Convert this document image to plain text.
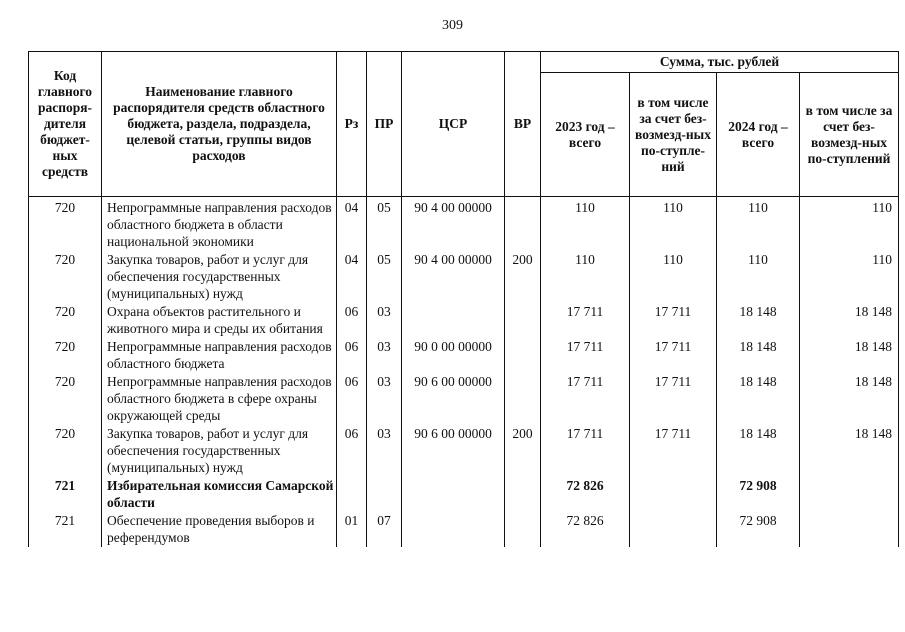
309
Код главного распоря-дителя бюджет-ных средств	Наименование главного распорядителя средств областного бюджета, раздела, подраздела, целевой статьи, группы видов расходов	Рз	ПР	ЦСР	ВР	Сумма, тыс. рублей			
						2023 год – всего	в том числе за счет без-возмезд-ных по-ступле-ний	2024 год – всего	в том числе за счет без-возмезд-ных по-ступлений
720	Непрограммные направления расходов областного бюджета в области национальной экономики	04	05	90 4 00 00000		110	110	110	110
720	Закупка товаров, работ и услуг для обеспечения государственных (муниципальных) нужд	04	05	90 4 00 00000	200	110	110	110	110
720	Охрана объектов растительного и животного мира и среды их обитания	06	03			17 711	17 711	18 148	18 148
720	Непрограммные направления расходов областного бюджета	06	03	90 0 00 00000		17 711	17 711	18 148	18 148
720	Непрограммные направления расходов областного бюджета в сфере охраны окружающей среды	06	03	90 6 00 00000		17 711	17 711	18 148	18 148
720	Закупка товаров, работ и услуг для обеспечения государственных (муниципальных) нужд	06	03	90 6 00 00000	200	17 711	17 711	18 148	18 148
721	Избирательная комиссия Самарской области					72 826		72 908	
721	Обеспечение проведения выборов и референдумов	01	07			72 826		72 908	
